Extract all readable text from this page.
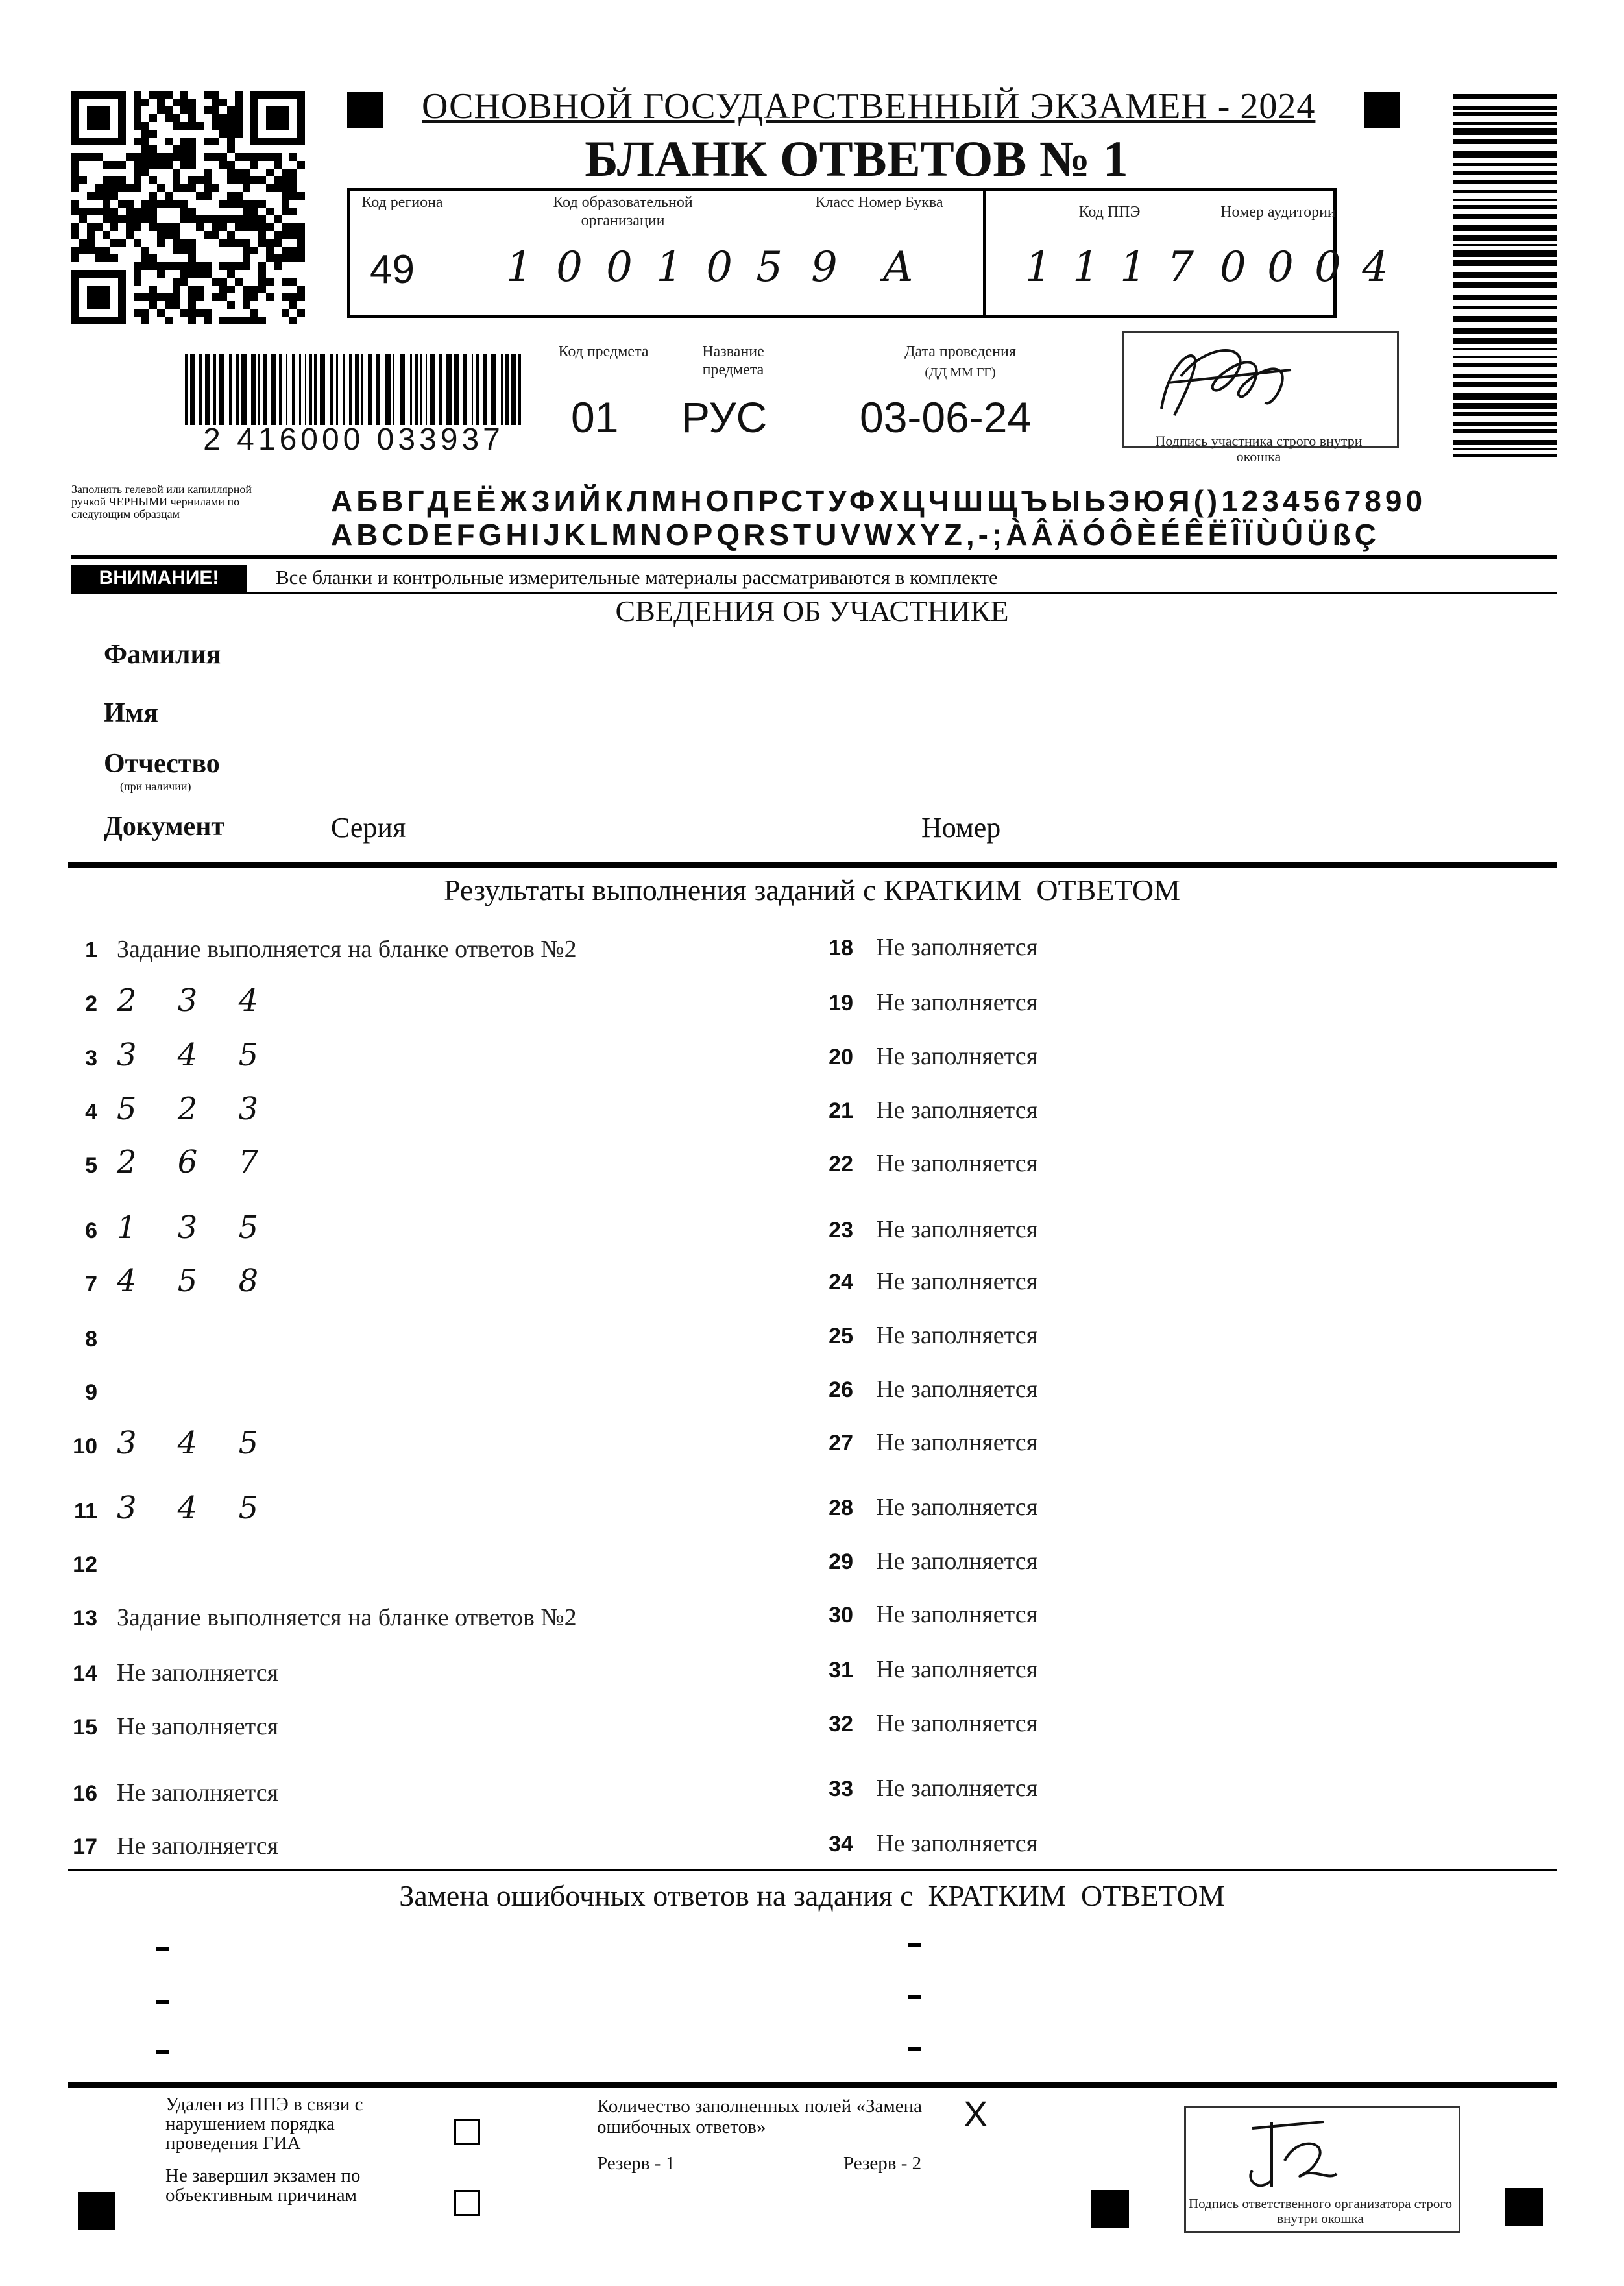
ОСНОВНОЙ ГОСУДАРСТВЕННЫЙ ЭКЗАМЕН - 2024
БЛАНК ОТВЕТОВ № 1
Код региона
49
Код образовательной организации
1 0 0 1 0 5
Класс Номер Буква
9 А
Код ППЭ
1 1 1 7
Номер аудитории
0 0 0 4
2 416000 033937
Код предмета
01
Название предмета
РУС
Дата проведения
(ДД ММ ГГ)
03-06-24	Подпись участника строго внутри окошка
Заполнять гелевой или капиллярной ручкой ЧЕРНЫМИ чернилами по следующим образцам	АБВГДЕЁЖЗИЙКЛМНОПРСТУФХЦЧШЩЪЫЬЭЮЯ()1234567890
ABCDEFGHIJKLMNOPQRSTUVWXYZ,-;ÀÂÄÓÔÈÉÊËÎÏÙÛÜßÇ
ВНИМАНИЕ!	Все бланки и контрольные измерительные материалы рассматриваются в комплекте
СВЕДЕНИЯ ОБ УЧАСТНИКЕ
Фамилия
Имя
Отчество
(при наличии)
Документ	Серия	Номер
Результаты выполнения заданий с КРАТКИМ  ОТВЕТОМ
1 Задание выполняется на бланке ответов №2
2 2 3 4
3 3 4 5
4 5 2 3
5 2 6 7
6 1 3 5
7 4 5 8
8
9
10 3 4 5
11 3 4 5
12
13 Задание выполняется на бланке ответов №2
14 Не заполняется
15 Не заполняется
16 Не заполняется
17 Не заполняется
18 Не заполняется
19 Не заполняется
20 Не заполняется
21 Не заполняется
22 Не заполняется
23 Не заполняется
24 Не заполняется
25 Не заполняется
26 Не заполняется
27 Не заполняется
28 Не заполняется
29 Не заполняется
30 Не заполняется
31 Не заполняется
32 Не заполняется
33 Не заполняется
34 Не заполняется
Замена ошибочных ответов на задания с  КРАТКИМ  ОТВЕТОМ
Удален из ППЭ в связи с нарушением порядка проведения ГИА
Не завершил экзамен по объективным причинам
Количество заполненных полей «Замена ошибочных ответов»	X
Резерв - 1	Резерв - 2
Подпись ответственного организатора строго внутри окошка
